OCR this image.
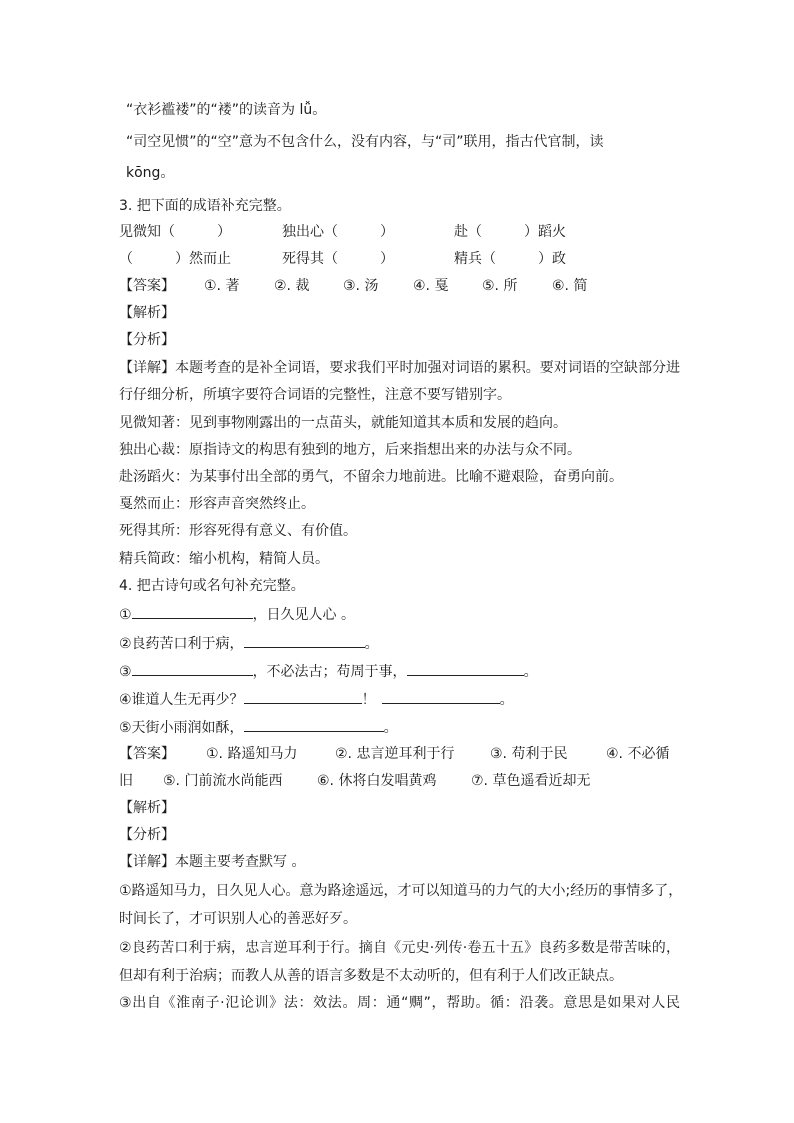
“衣衫褴褛”的“褛”的读音为 lǚ。
“司空见惯”的“空”意为不包含什么，没有内容，与“司”联用，指古代官制，读
kōng。
3. 把下面的成语补充完整。
见微知（　　　）	独出心（　　　）	赴（　　　）蹈火
（　　　）然而止	死得其（　　　）	精兵（　　　）政
【答案】 ①. 著 ②. 裁 ③. 汤 ④. 戛 ⑤. 所 ⑥. 简
【解析】
【分析】
【详解】本题考查的是补全词语，要求我们平时加强对词语的累积。要对词语的空缺部分进
行仔细分析，所填字要符合词语的完整性，注意不要写错别字。
见微知著：见到事物刚露出的一点苗头，就能知道其本质和发展的趋向。
独出心裁：原指诗文的构思有独到的地方，后来指想出来的办法与众不同。
赴汤蹈火：为某事付出全部的勇气，不留余力地前进。比喻不避艰险，奋勇向前。
戛然而止：形容声音突然终止。
死得其所：形容死得有意义、有价值。
精兵简政：缩小机构，精简人员。
4. 把古诗句或名句补充完整。
①	，日久见人心 。
②良药苦口利于病，	。
③	，不必法古；苟周于事，	。
④谁道人生无再少？	！	。
⑤天街小雨润如酥，	。
【答案】 ①. 路遥知马力	②. 忠言逆耳利于行	③. 苟利于民	④. 不必循
旧 ⑤. 门前流水尚能西 ⑥. 休将白发唱黄鸡 ⑦. 草色遥看近却无
【解析】
【分析】
【详解】本题主要考查默写 。
①路遥知马力，日久见人心。意为路途遥远，才可以知道马的力气的大小;经历的事情多了，
时间长了，才可识别人心的善恶好歹。
②良药苦口利于病，忠言逆耳利于行。摘自《元史·列传·卷五十五》良药多数是带苦味的，
但却有利于治病；而教人从善的语言多数是不太动听的，但有利于人们改正缺点。
③出自《淮南子·氾论训》法：效法。周：通“赒”，帮助。循：沿袭。意思是如果对人民
